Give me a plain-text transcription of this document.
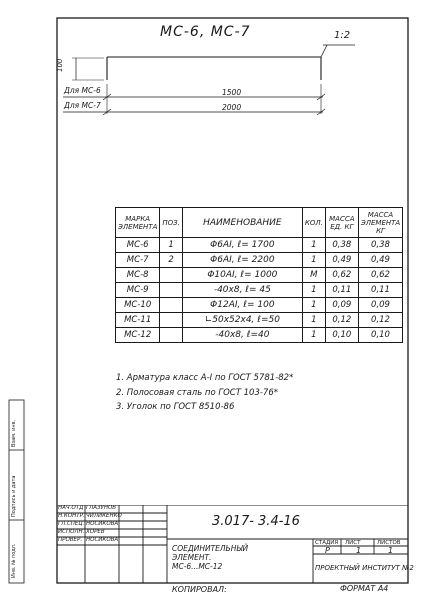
МС-6, МС-7	1:2
100
Для МС-6
Для МС-7
1500
2000
МАРКА ЭЛЕМЕНТА	ПОЗ.	НАИМЕНОВАНИЕ	КОЛ.	МАССА ЕД. КГ	МАССА ЭЛЕМЕНТА КГ
МС-6	1	Φ6АI, ℓ= 1700	1	0,38	0,38
МС-7	2	Φ6АI, ℓ= 2200	1	0,49	0,49
МС-8		Φ10АI, ℓ= 1000	М	0,62	0,62
МС-9		-40х8, ℓ= 45	1	0,11	0,11
МС-10		Φ12АI, ℓ= 100	1	0,09	0,09
МС-11		∟50х52х4, ℓ=50	1	0,12	0,12
МС-12		-40х8, ℓ=40	1	0,10	0,10
1. Арматура класс А-I по ГОСТ 5781-82*
2. Полосовая сталь по ГОСТ 103-76*
3. Уголок по ГОСТ 8510-86
Взам. инв.
Подпись и дата
Инв. № подл.
НАЧ.ОТД
Н.КОНТР.
ГЛ.СПЕЦ.
ИСПОЛН.
ПРОВЕР.
ГЛАЗУНОВ
ЧИЛИКЕНКО
НОСИКОВА
ХОРЕВ
НОСИКОВА
3.017- 3.4-16
СОЕДИНИТЕЛЬНЫЙ ЭЛЕМЕНТ. МС-6...МС-12
СТАДИЯ ЛИСТ	ЛИСТОВ
Р	1	1
ПРОЕКТНЫЙ ИНСТИТУТ №2
КОПИРОВАЛ:	ФОРМАТ А4
